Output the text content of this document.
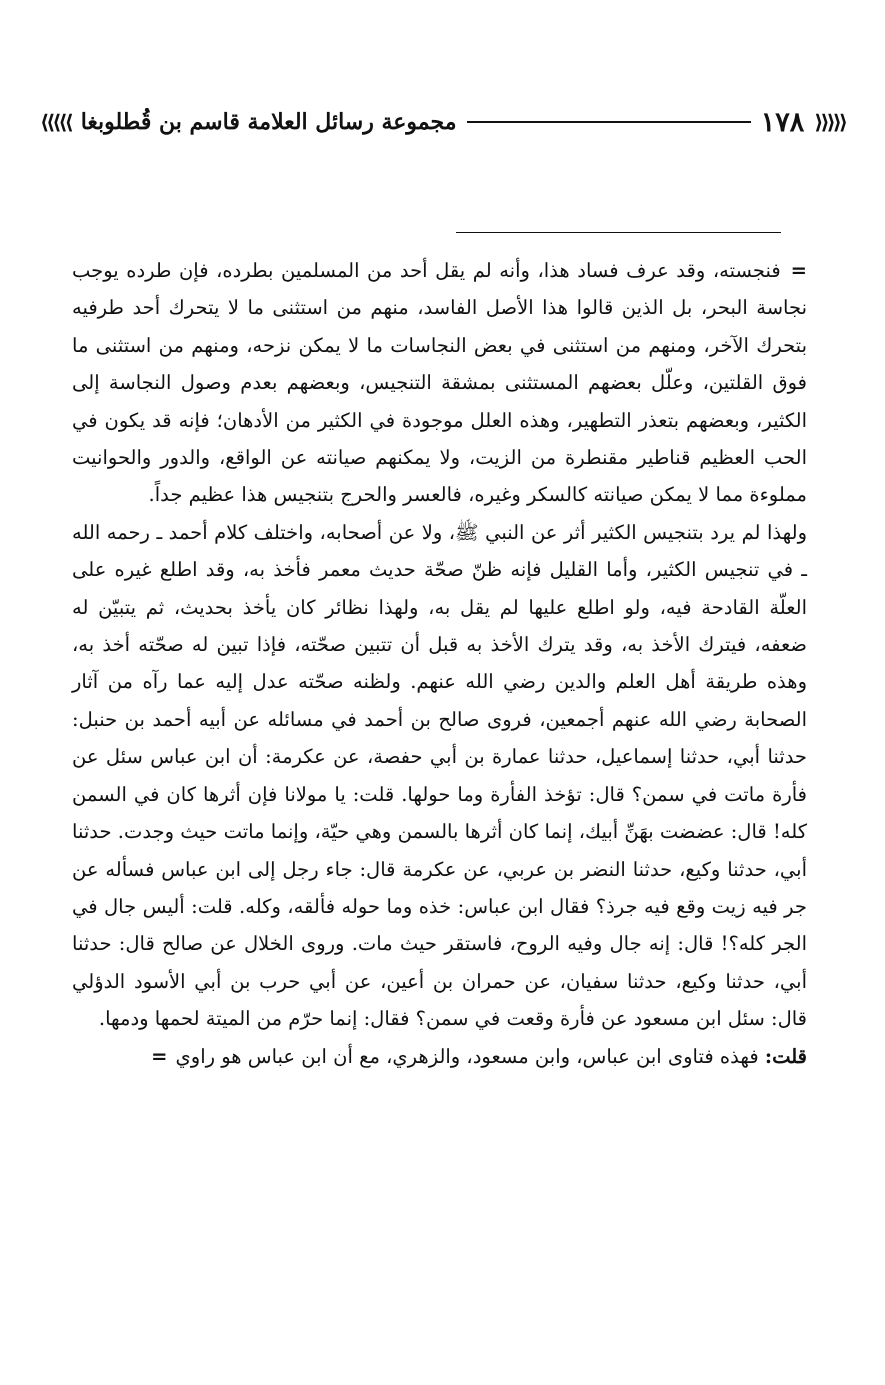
⟩⟩⟩⟩⟩
١٧٨
مجموعة رسائل العلامة قاسم بن قُطلوبغا
⟨⟨⟨⟨⟨

=فنجسته، وقد عرف فساد هذا، وأنه لم يقل أحد من المسلمين بطرده، فإن طرده يوجب نجاسة البحر، بل الذين قالوا هذا الأصل الفاسد، منهم من استثنى ما لا يتحرك أحد طرفيه بتحرك الآخر، ومنهم من استثنى في بعض النجاسات ما لا يمكن نزحه، ومنهم من استثنى ما فوق القلتين، وعلّل بعضهم المستثنى بمشقة التنجيس، وبعضهم بعدم وصول النجاسة إلى الكثير، وبعضهم بتعذر التطهير، وهذه العلل موجودة في الكثير من الأدهان؛ فإنه قد يكون في الحب العظيم قناطير مقنطرة من الزيت، ولا يمكنهم صيانته عن الواقع، والدور والحوانيت مملوءة مما لا يمكن صيانته كالسكر وغيره، فالعسر والحرج بتنجيس هذا عظيم جداً.

ولهذا لم يرد بتنجيس الكثير أثر عن النبي ﷺ، ولا عن أصحابه، واختلف كلام أحمد ـ رحمه الله ـ في تنجيس الكثير، وأما القليل فإنه ظنّ صحّة حديث معمر فأخذ به، وقد اطلع غيره على العلّة القادحة فيه، ولو اطلع عليها لم يقل به، ولهذا نظائر كان يأخذ بحديث، ثم يتبيّن له ضعفه، فيترك الأخذ به، وقد يترك الأخذ به قبل أن تتبين صحّته، فإذا تبين له صحّته أخذ به، وهذه طريقة أهل العلم والدين رضي الله عنهم. ولظنه صحّته عدل إليه عما رآه من آثار الصحابة رضي الله عنهم أجمعين، فروى صالح بن أحمد في مسائله عن أبيه أحمد بن حنبل: حدثنا أبي، حدثنا إسماعيل، حدثنا عمارة بن أبي حفصة، عن عكرمة: أن ابن عباس سئل عن فأرة ماتت في سمن؟ قال: تؤخذ الفأرة وما حولها. قلت: يا مولانا فإن أثرها كان في السمن كله! قال: عضضت بهَنِّ أبيك، إنما كان أثرها بالسمن وهي حيّة، وإنما ماتت حيث وجدت. حدثنا أبي، حدثنا وكيع، حدثنا النضر بن عربي، عن عكرمة قال: جاء رجل إلى ابن عباس فسأله عن جر فيه زيت وقع فيه جرذ؟ فقال ابن عباس: خذه وما حوله فألقه، وكله. قلت: أليس جال في الجر كله؟! قال: إنه جال وفيه الروح، فاستقر حيث مات. وروى الخلال عن صالح قال: حدثنا أبي، حدثنا وكيع، حدثنا سفيان، عن حمران بن أعين، عن أبي حرب بن أبي الأسود الدؤلي قال: سئل ابن مسعود عن فأرة وقعت في سمن؟ فقال: إنما حرّم من الميتة لحمها ودمها.

قلت: فهذه فتاوى ابن عباس، وابن مسعود، والزهري، مع أن ابن عباس هو راوي=
